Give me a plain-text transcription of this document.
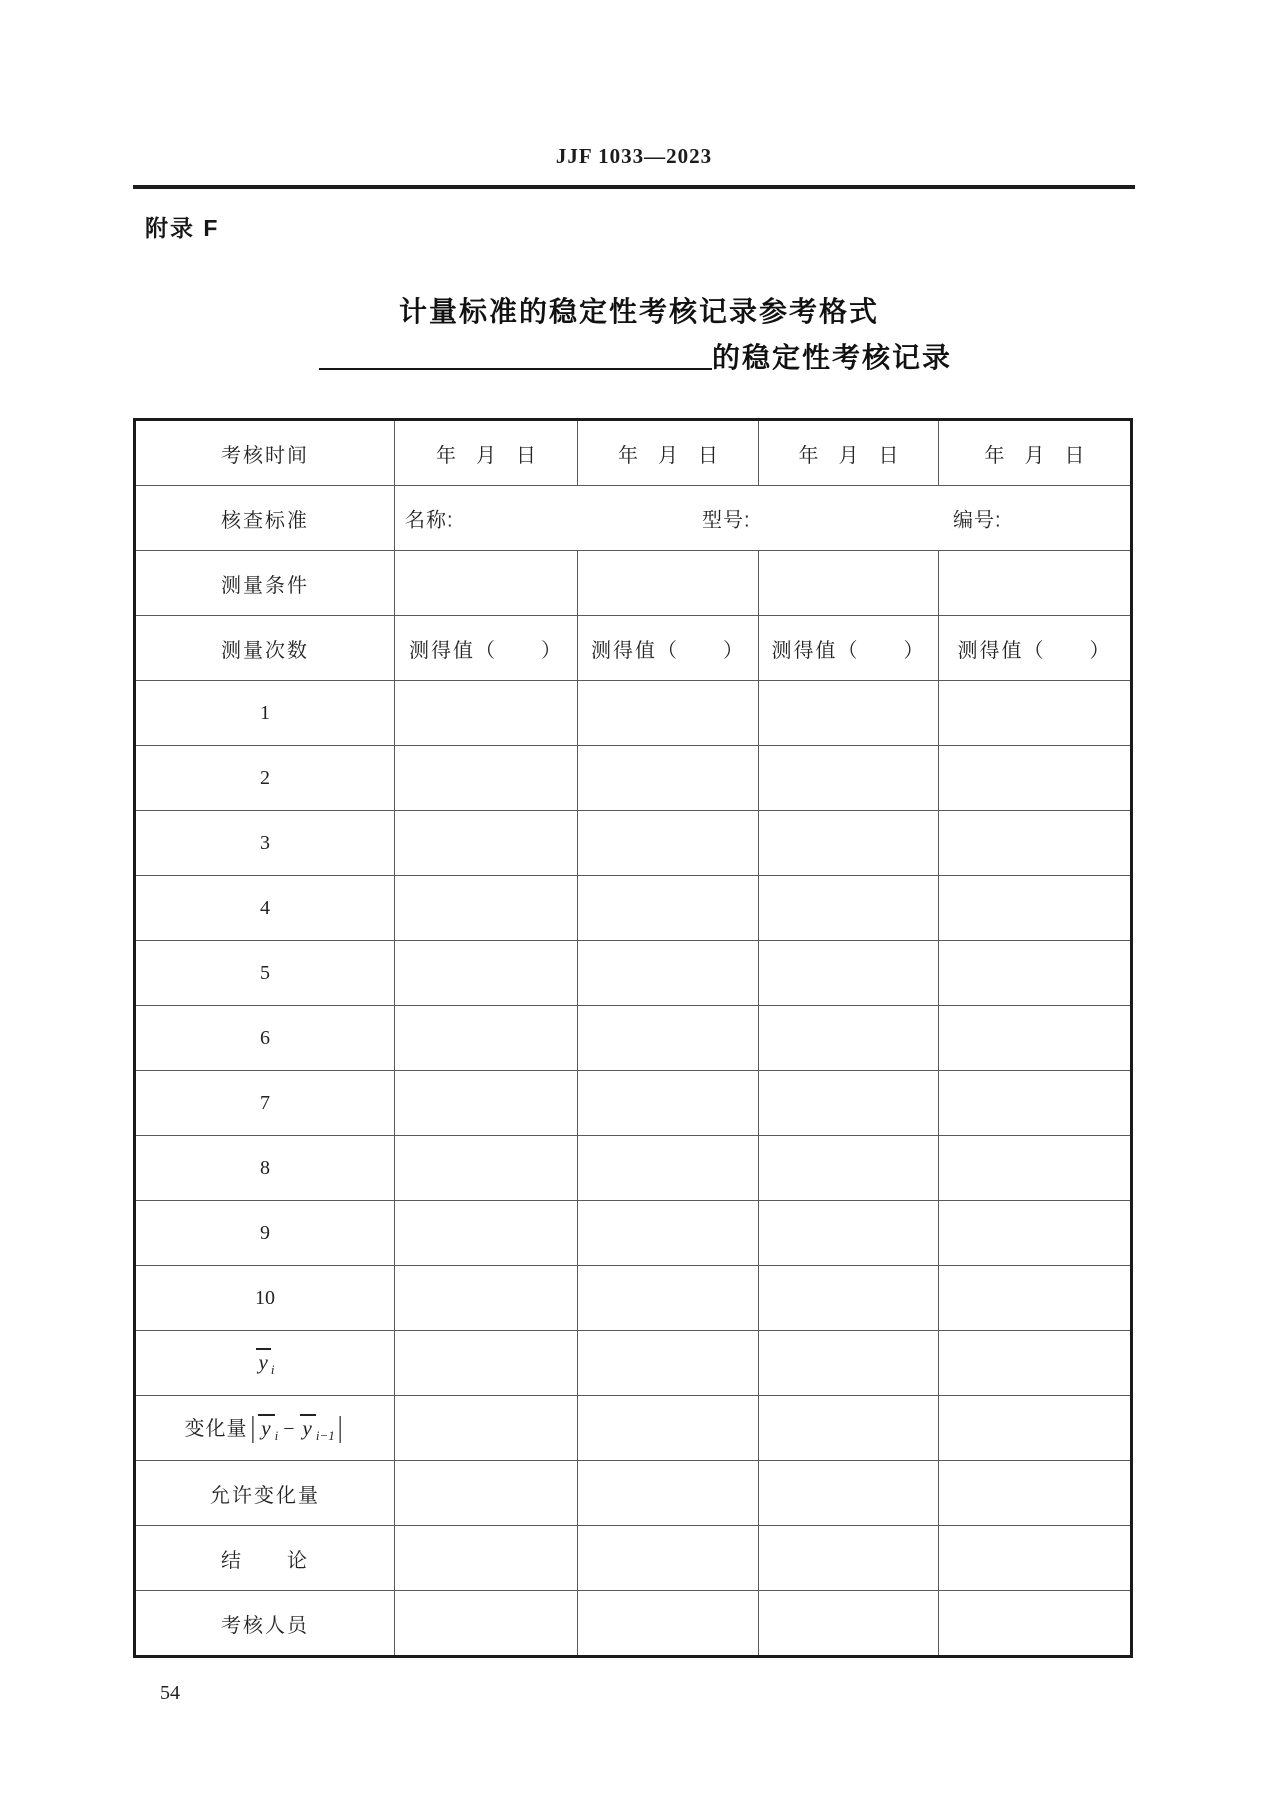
JJF 1033—2023
附录 F
计量标准的稳定性考核记录参考格式
的稳定性考核记录
考核时间	年　月　日	年　月　日	年　月　日	年　月　日
核查标准	名称: 型号: 编号:			

测量条件				
测量次数	测得值（　　）	测得值（　　）	测得值（　　）	测得值（　　）
1				
2				
3				
4				
5				
6				
7				
8				
9				
10				
y $_i$				
变化量 | y $_i$ − y $_{i-1}$ |				
允许变化量				
结　　论				
考核人员				
54
